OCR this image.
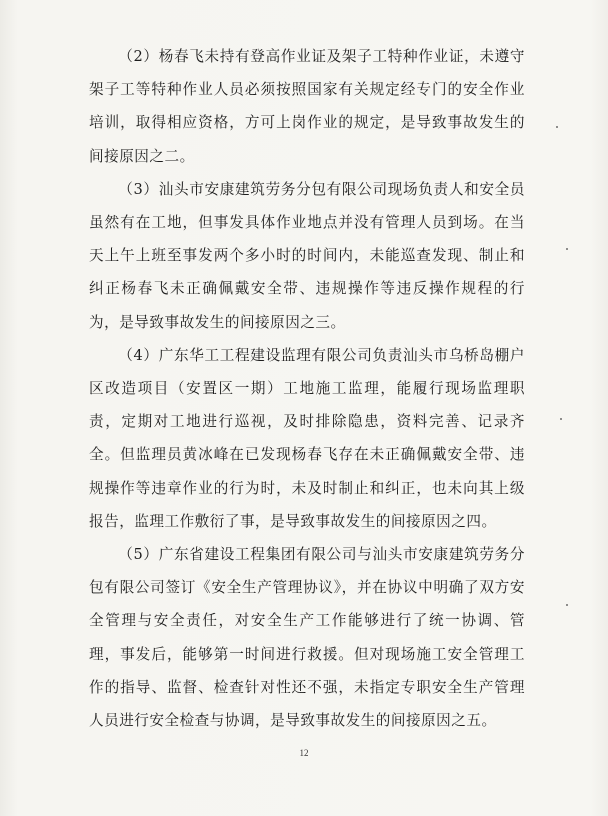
（2）杨春飞未持有登高作业证及架子工特种作业证，未遵守架子工等特种作业人员必须按照国家有关规定经专门的安全作业培训，取得相应资格，方可上岗作业的规定，是导致事故发生的间接原因之二。

（3）汕头市安康建筑劳务分包有限公司现场负责人和安全员虽然有在工地，但事发具体作业地点并没有管理人员到场。在当天上午上班至事发两个多小时的时间内，未能巡查发现、制止和纠正杨春飞未正确佩戴安全带、违规操作等违反操作规程的行为，是导致事故发生的间接原因之三。

（4）广东华工工程建设监理有限公司负责汕头市乌桥岛棚户区改造项目（安置区一期）工地施工监理，能履行现场监理职责，定期对工地进行巡视，及时排除隐患，资料完善、记录齐全。但监理员黄冰峰在已发现杨春飞存在未正确佩戴安全带、违规操作等违章作业的行为时，未及时制止和纠正，也未向其上级报告，监理工作敷衍了事，是导致事故发生的间接原因之四。

（5）广东省建设工程集团有限公司与汕头市安康建筑劳务分包有限公司签订《安全生产管理协议》，并在协议中明确了双方安全管理与安全责任，对安全生产工作能够进行了统一协调、管理，事发后，能够第一时间进行救援。但对现场施工安全管理工作的指导、监督、检查针对性还不强，未指定专职安全生产管理人员进行安全检查与协调，是导致事故发生的间接原因之五。

12
